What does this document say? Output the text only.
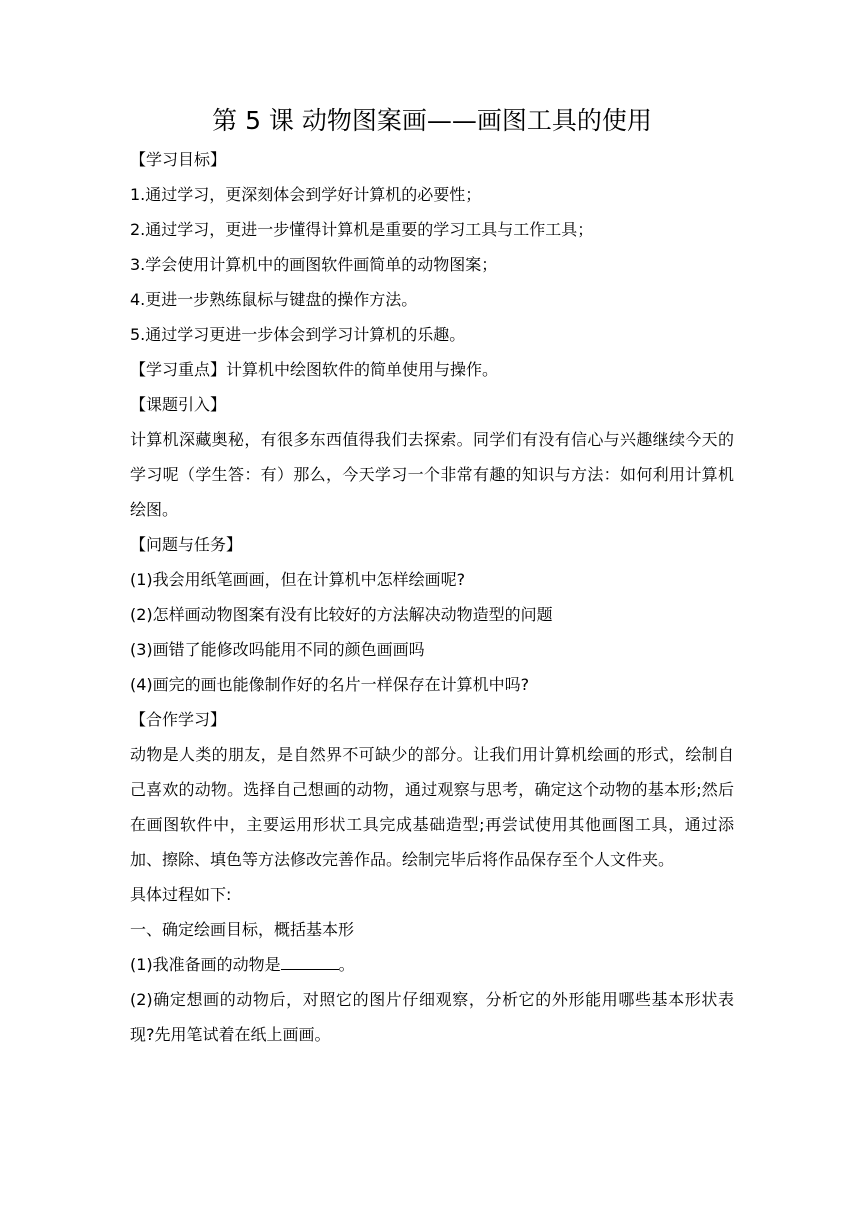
第 5 课 动物图案画——画图工具的使用

【学习目标】

1.通过学习，更深刻体会到学好计算机的必要性；

2.通过学习，更进一步懂得计算机是重要的学习工具与工作工具；

3.学会使用计算机中的画图软件画简单的动物图案；

4.更进一步熟练鼠标与键盘的操作方法。

5.通过学习更进一步体会到学习计算机的乐趣。

【学习重点】计算机中绘图软件的简单使用与操作。

【课题引入】

计算机深藏奥秘，有很多东西值得我们去探索。同学们有没有信心与兴趣继续今天的学习呢（学生答：有）那么，今天学习一个非常有趣的知识与方法：如何利用计算机绘图。

【问题与任务】

(1)我会用纸笔画画，但在计算机中怎样绘画呢?

(2)怎样画动物图案有没有比较好的方法解决动物造型的问题

(3)画错了能修改吗能用不同的颜色画画吗

(4)画完的画也能像制作好的名片一样保存在计算机中吗?

【合作学习】

动物是人类的朋友，是自然界不可缺少的部分。让我们用计算机绘画的形式，绘制自己喜欢的动物。选择自己想画的动物，通过观察与思考，确定这个动物的基本形;然后在画图软件中，主要运用形状工具完成基础造型;再尝试使用其他画图工具，通过添加、擦除、填色等方法修改完善作品。绘制完毕后将作品保存至个人文件夹。

具体过程如下:

一、确定绘画目标，概括基本形

(1)我准备画的动物是	。

(2)确定想画的动物后，对照它的图片仔细观察，分析它的外形能用哪些基本形状表现?先用笔试着在纸上画画。
